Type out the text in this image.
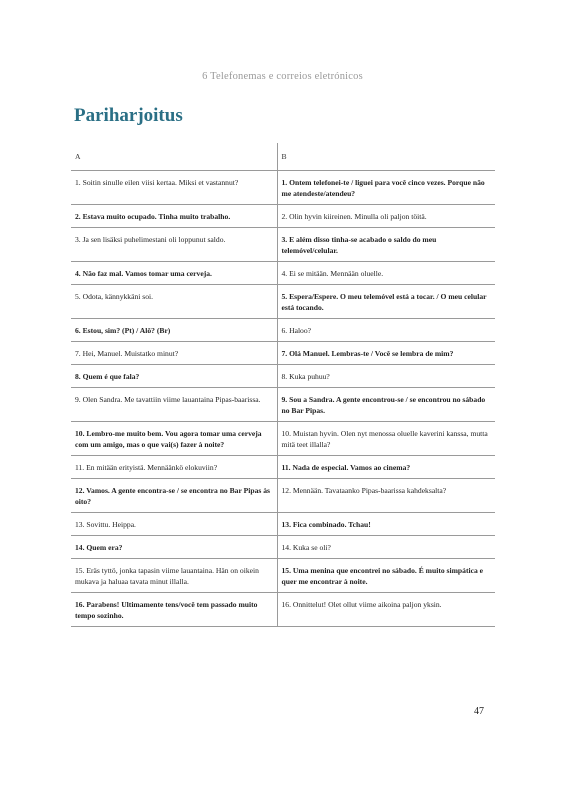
6 Telefonemas e correios eletrónicos
Pariharjoitus
A	B
1. Soitin sinulle eilen viisi kertaa. Miksi et vastannut?	1. Ontem telefonei-te / liguei para você cinco vezes. Porque não me atendeste/atendeu?
2. Estava muito ocupado. Tinha muito trabalho.	2. Olin hyvin kiireinen. Minulla oli paljon töitä.
3. Ja sen lisäksi puhelimestani oli loppunut saldo.	3. E além disso tinha-se acabado o saldo do meu telemóvel/celular.
4. Não faz mal. Vamos tomar uma cerveja.	4. Ei se mitään. Mennään oluelle.
5. Odota, kännykkäni soi.	5. Espera/Espere. O meu telemóvel está a tocar. / O meu celular está tocando.
6. Estou, sim? (Pt) / Alô? (Br)	6. Haloo?
7. Hei, Manuel. Muistatko minut?	7. Olá Manuel. Lembras-te / Você se lembra de mim?
8. Quem é que fala?	8. Kuka puhuu?
9. Olen Sandra. Me tavattiin viime lauantaina Pipas-baarissa.	9. Sou a Sandra. A gente encontrou-se / se encontrou no sábado no Bar Pipas.
10. Lembro-me muito bem. Vou agora tomar uma cerveja com um amigo, mas o que vai(s) fazer à noite?	10. Muistan hyvin. Olen nyt menossa oluelle kaverini kanssa, mutta mitä teet illalla?
11. En mitään erityistä. Mennäänkö elokuviin?	11. Nada de especial. Vamos ao cinema?
12. Vamos. A gente encontra-se / se encontra no Bar Pipas às oito?	12. Mennään. Tavataanko Pipas-baarissa kahdeksalta?
13. Sovittu. Heippa.	13. Fica combinado. Tchau!
14. Quem era?	14. Kuka se oli?
15. Eräs tyttö, jonka tapasin viime lauantaina. Hän on oikein mukava ja haluaa tavata minut illalla.	15. Uma menina que encontrei no sábado. É muito simpática e quer me encontrar à noite.
16. Parabens! Ultimamente tens/você tem passado muito tempo sozinho.	16. Onnittelut! Olet ollut viime aikoina paljon yksin.
47
